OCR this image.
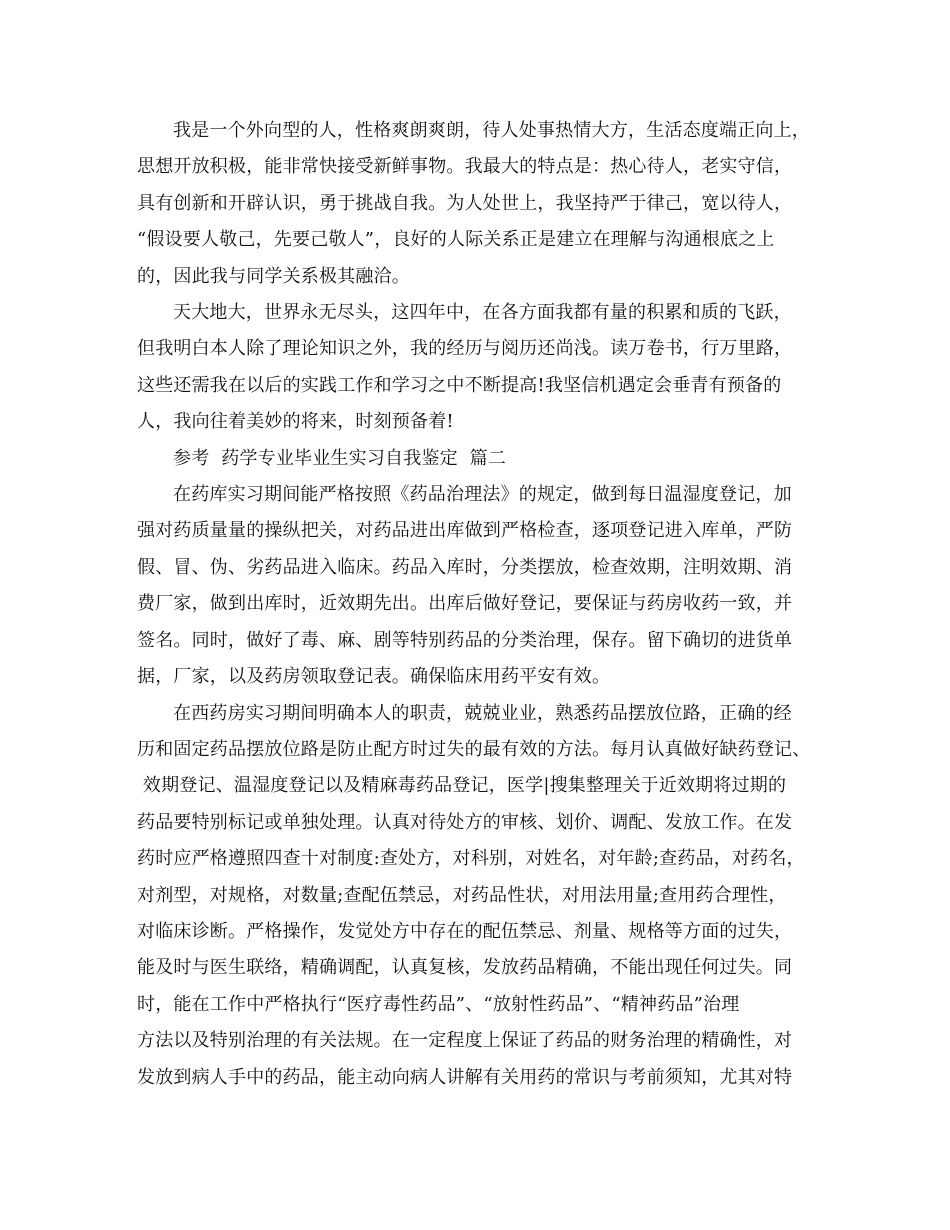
我是一个外向型的人，性格爽朗爽朗，待人处事热情大方，生活态度端正向上，
思想开放积极，能非常快接受新鲜事物。我最大的特点是：热心待人，老实守信，
具有创新和开辟认识，勇于挑战自我。为人处世上，我坚持严于律己，宽以待人，
“假设要人敬己，先要己敬人”，良好的人际关系正是建立在理解与沟通根底之上
的，因此我与同学关系极其融洽。

天大地大，世界永无尽头，这四年中，在各方面我都有量的积累和质的飞跃，
但我明白本人除了理论知识之外，我的经历与阅历还尚浅。读万卷书，行万里路，
这些还需我在以后的实践工作和学习之中不断提高!我坚信机遇定会垂青有预备的
人，我向往着美妙的将来，时刻预备着!

参考  药学专业毕业生实习自我鉴定  篇二

在药库实习期间能严格按照《药品治理法》的规定，做到每日温湿度登记，加
强对药质量量的操纵把关，对药品进出库做到严格检查，逐项登记进入库单，严防
假、冒、伪、劣药品进入临床。药品入库时，分类摆放，检查效期，注明效期、消
费厂家，做到出库时，近效期先出。出库后做好登记，要保证与药房收药一致，并
签名。同时，做好了毒、麻、剧等特别药品的分类治理，保存。留下确切的进货单
据，厂家，以及药房领取登记表。确保临床用药平安有效。

在西药房实习期间明确本人的职责，兢兢业业，熟悉药品摆放位路，正确的经
历和固定药品摆放位路是防止配方时过失的最有效的方法。每月认真做好缺药登记、
效期登记、温湿度登记以及精麻毒药品登记，医学|搜集整理关于近效期将过期的
药品要特别标记或单独处理。认真对待处方的审核、划价、调配、发放工作。在发
药时应严格遵照四查十对制度:查处方，对科别，对姓名，对年龄;查药品，对药名，
对剂型，对规格，对数量;查配伍禁忌，对药品性状，对用法用量;查用药合理性，
对临床诊断。严格操作，发觉处方中存在的配伍禁忌、剂量、规格等方面的过失，
能及时与医生联络，精确调配，认真复核，发放药品精确，不能出现任何过失。同
时，能在工作中严格执行“医疗毒性药品”、“放射性药品”、“精神药品”治理
方法以及特别治理的有关法规。在一定程度上保证了药品的财务治理的精确性，对
发放到病人手中的药品，能主动向病人讲解有关用药的常识与考前须知，尤其对特
